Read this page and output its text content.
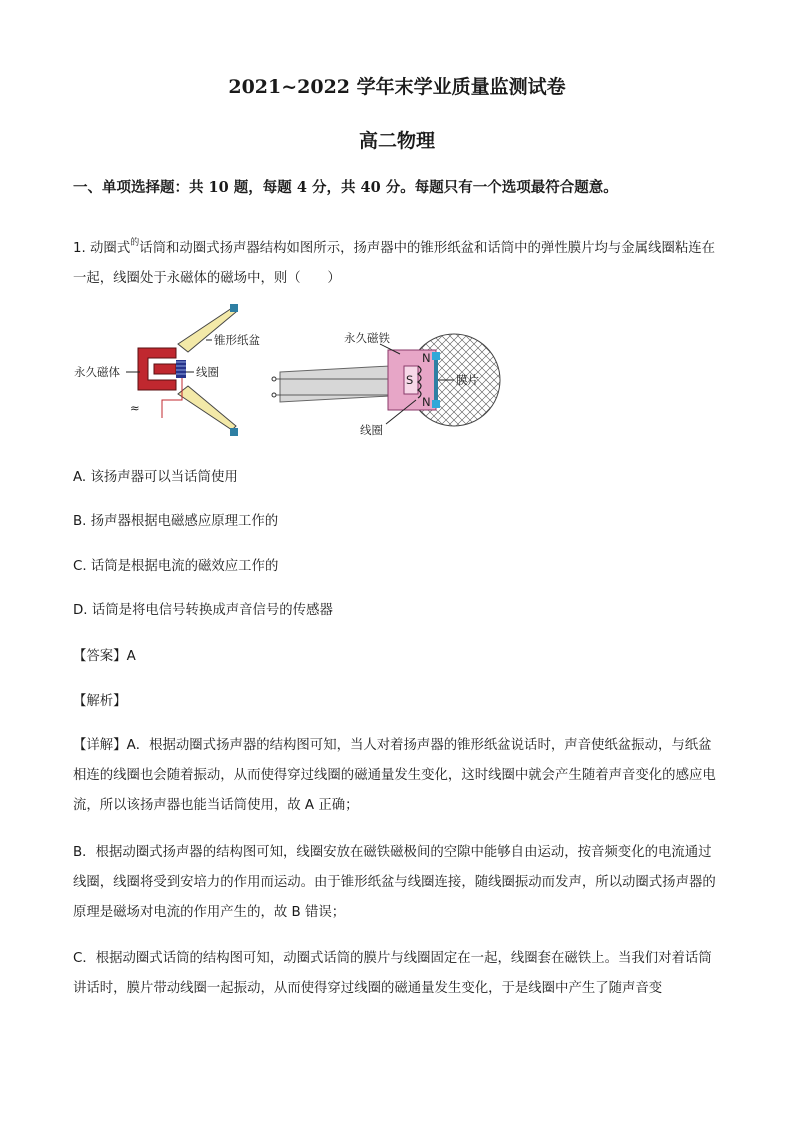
2021~2022 学年末学业质量监测试卷
高二物理
一、单项选择题：共 10 题，每题 4 分，共 40 分。每题只有一个选项最符合题意。
1. 动圈式$^的$话筒和动圈式扬声器结构如图所示，扬声器中的锥形纸盆和话筒中的弹性膜片均与金属线圈粘连在一起，线圈处于永磁体的磁场中，则（　　）
≈
锥形纸盆
永久磁体	线圈
N
S
N
永久磁铁
膜片
线圈
A. 该扬声器可以当话筒使用
B. 扬声器根据电磁感应原理工作的
C. 话筒是根据电流的磁效应工作的
D. 话筒是将电信号转换成声音信号的传感器
【答案】A
【解析】
【详解】A．根据动圈式扬声器的结构图可知，当人对着扬声器的锥形纸盆说话时，声音使纸盆振动，与纸盆相连的线圈也会随着振动，从而使得穿过线圈的磁通量发生变化，这时线圈中就会产生随着声音变化的感应电流，所以该扬声器也能当话筒使用，故 A 正确；
B．根据动圈式扬声器的结构图可知，线圈安放在磁铁磁极间的空隙中能够自由运动，按音频变化的电流通过线圈，线圈将受到安培力的作用而运动。由于锥形纸盆与线圈连接，随线圈振动而发声，所以动圈式扬声器的原理是磁场对电流的作用产生的，故 B 错误；
C．根据动圈式话筒的结构图可知，动圈式话筒的膜片与线圈固定在一起，线圈套在磁铁上。当我们对着话筒讲话时，膜片带动线圈一起振动，从而使得穿过线圈的磁通量发生变化，于是线圈中产生了随声音变
